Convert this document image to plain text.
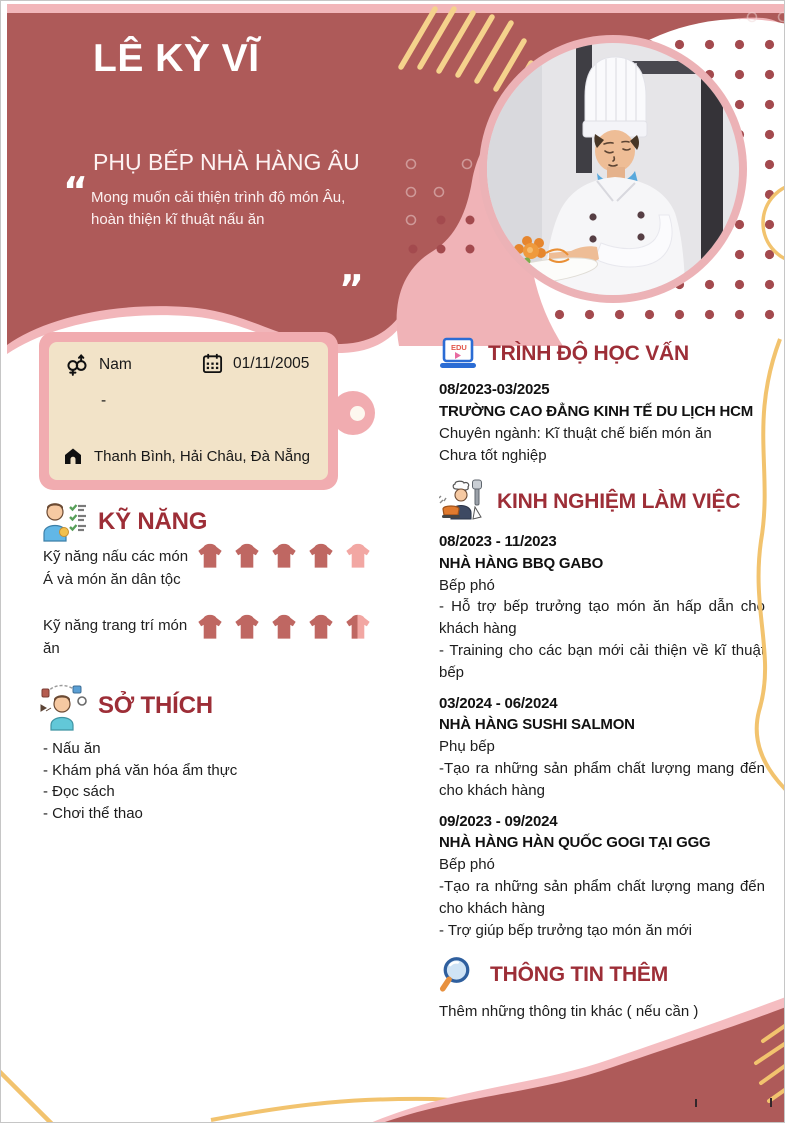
LÊ KỲ VĨ
PHỤ BẾP NHÀ HÀNG ÂU
“ Mong muốn cải thiện trình độ món Âu, hoàn thiện kĩ thuật nấu ăn
”
Nam	01/11/2005
-
Thanh Bình, Hải Châu, Đà Nẵng
KỸ NĂNG
Kỹ năng nấu các món Á và món ăn dân tộc
Kỹ năng trang trí món ăn
SỞ THÍCH
- Nấu ăn
- Khám phá văn hóa ẩm thực
- Đọc sách
- Chơi thể thao
EDU TRÌNH ĐỘ HỌC VẤN
08/2023-03/2025
TRƯỜNG CAO ĐẲNG KINH TẾ DU LỊCH HCM
Chuyên ngành: Kĩ thuật chế biến món ăn
Chưa tốt nghiệp
KINH NGHIỆM LÀM VIỆC
08/2023 - 11/2023
NHÀ HÀNG BBQ GABO
Bếp phó
- Hỗ trợ bếp trưởng tạo món ăn hấp dẫn cho khách hàng
- Training cho các bạn mới cải thiện về kĩ thuật bếp
03/2024 - 06/2024
NHÀ HÀNG SUSHI SALMON
Phụ bếp
-Tạo ra những sản phẩm chất lượng mang đến cho khách hàng
09/2023 - 09/2024
NHÀ HÀNG HÀN QUỐC GOGI TẠI GGG
Bếp phó
-Tạo ra những sản phẩm chất lượng mang đến cho khách hàng
- Trợ giúp bếp trưởng tạo món ăn mới
THÔNG TIN THÊM
Thêm những thông tin khác ( nếu cần )
